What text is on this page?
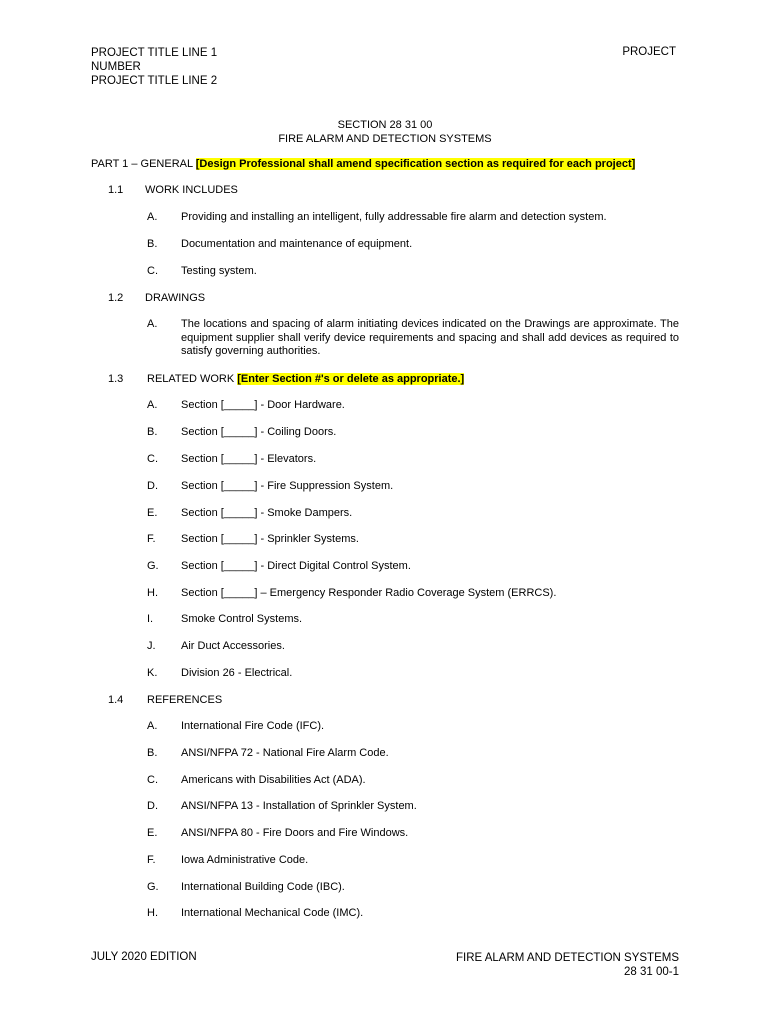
PROJECT TITLE LINE 1
NUMBER
PROJECT TITLE LINE 2
PROJECT
SECTION 28 31 00
FIRE ALARM AND DETECTION SYSTEMS
PART 1 – GENERAL [Design Professional shall amend specification section as required for each project]
1.1 WORK INCLUDES
A. Providing and installing an intelligent, fully addressable fire alarm and detection system.
B. Documentation and maintenance of equipment.
C. Testing system.
1.2 DRAWINGS
A. The locations and spacing of alarm initiating devices indicated on the Drawings are approximate. The equipment supplier shall verify device requirements and spacing and shall add devices as required to satisfy governing authorities.
1.3 RELATED WORK [Enter Section #'s or delete as appropriate.]
A. Section [_____] - Door Hardware.
B. Section [_____] - Coiling Doors.
C. Section [_____] - Elevators.
D. Section [_____] - Fire Suppression System.
E. Section [_____] - Smoke Dampers.
F. Section [_____] - Sprinkler Systems.
G. Section [_____] - Direct Digital Control System.
H. Section [_____] – Emergency Responder Radio Coverage System (ERRCS).
I.	Smoke Control Systems.
J. Air Duct Accessories.
K. Division 26 - Electrical.
1.4 REFERENCES
A. International Fire Code (IFC).
B. ANSI/NFPA 72 - National Fire Alarm Code.
C. Americans with Disabilities Act (ADA).
D. ANSI/NFPA 13 - Installation of Sprinkler System.
E. ANSI/NFPA 80 - Fire Doors and Fire Windows.
F. Iowa Administrative Code.
G. International Building Code (IBC).
H. International Mechanical Code (IMC).
JULY 2020 EDITION	FIRE ALARM AND DETECTION SYSTEMS
28 31 00-1
